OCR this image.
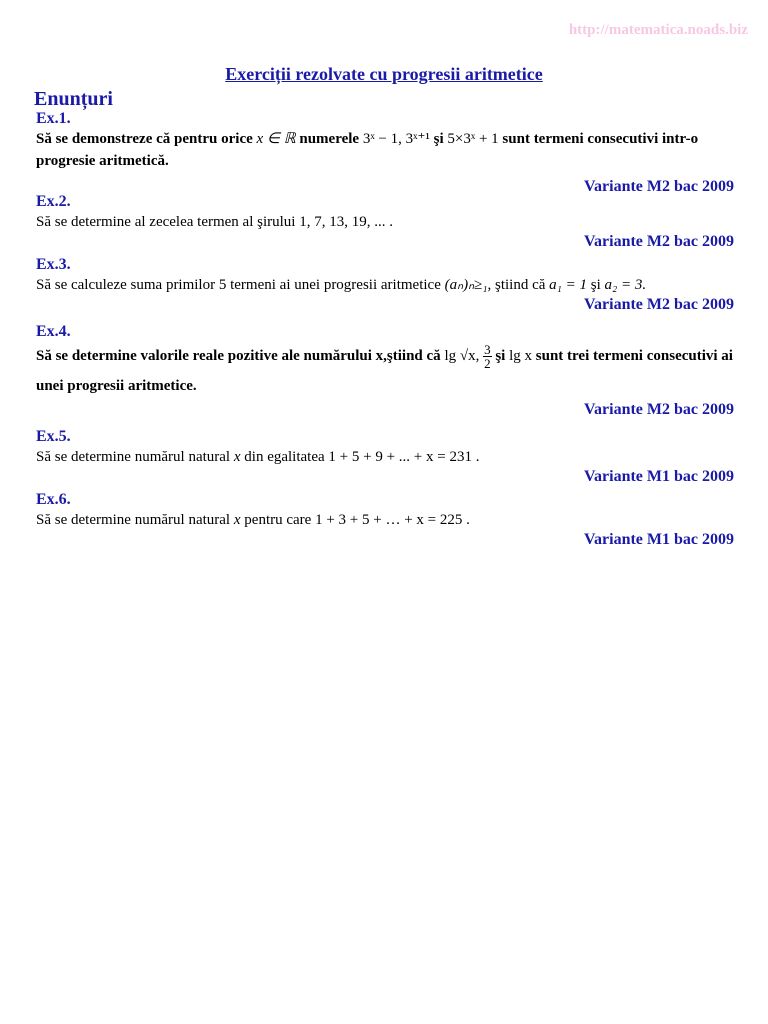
http://matematica.noads.biz
Exerciții rezolvate cu progresii aritmetice
Enunțuri

Ex.1.

Să se demonstreze că pentru orice x ∈ ℝ numerele 3ˣ − 1, 3ˣ⁺¹ şi 5×3ˣ + 1 sunt termeni consecutivi intr-o progresie aritmetică.

Variante M2 bac 2009

Ex.2.

Să se determine al zecelea termen al şirului 1, 7, 13, 19, ... .

Variante M2 bac 2009

Ex.3.

Să se calculeze suma primilor 5 termeni ai unei progresii aritmetice (aₙ)ₙ≥₁, ştiind că a₁ = 1 şi a₂ = 3.

Variante M2 bac 2009

Ex.4.

Să se determine valorile reale pozitive ale numărului x,ştiind că lg √x, $\frac{3}{2}$ şi lg x sunt trei termeni consecutivi ai unei progresii aritmetice.

Variante M2 bac 2009

Ex.5.

Să se determine numărul natural x din egalitatea 1 + 5 + 9 + ... + x = 231 .

Variante M1 bac 2009

Ex.6.

Să se determine numărul natural x pentru care 1 + 3 + 5 + … + x = 225 .

Variante M1 bac 2009
